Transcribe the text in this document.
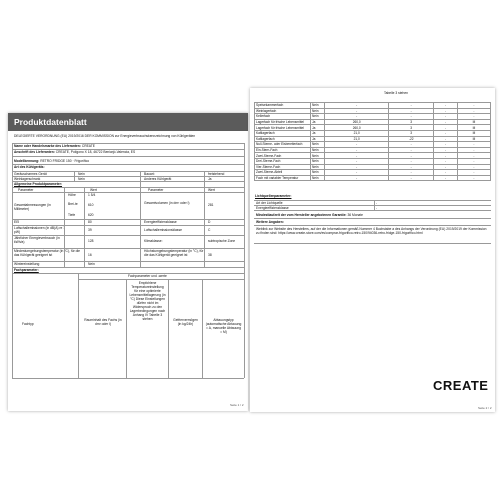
Produktdatenblatt
DELEGIERTE VERORDNUNG (EU) 2019/2016 DER KOMMISSION zur Energieverbrauchskennzeichnung von Kühlgeräten
Name oder Handelsmarke des Lieferanten: CREATE
Anschrift des Lieferanten: CREATE, Polígono X 18, 46722 Beniarjó-Valencia, ES
Modellkennung: RETRO FRIDGE 150 · Frigorífico
Art des Kühlgeräts:
Geräuscharmes Gerät	Nein	Bauart:	freistehend
Weinlagerschrank	Nein	Anderes Kühlgerät	Ja
Allgemeine Produktparameter:
Parameter	Wert	Parameter	Wert
Gesamtabmessungen (in Millimeter)
Höhe	1 5/4
Brei-te	610
Tiefe	620
Gesamtvolumen (in dm³ oder l)	281
EEI	80	Energieeffizienzklasse	D
Luftschallemissionen (in dB(A) re 1 pW)	39	Luftschallemissionsklasse	C
Jährlicher Energieverbrauch (in kWh/a)	128	Klimaklasse:	subtropische Zone
Mindestumgebungstemperatur (in °C), für die das Kühlgerät geeignet ist	16
Höchstumgebungstemperatur (in °C), für die das Kühlgerät geeignet ist	38
Wintereinstellung	Nein
Fachparameter:
Fachparameter und -werte
Fachtyp
Rauminhalt des Fachs (in dm³ oder l)
Empfohlene Temperatureinstellung für eine optimierte Lebensmittellagerung (in °C) Diese Einstellungen dürfen nicht im Widerspruch zu den Lagerbedingungen nach Anhang IV Tabelle 3 stehen	Gefriervermögen (in kg/24h)
Abtauungstyp (automatische Abtauung = A, manuelle Abtauung = M)
Seite 1 / 2
Tabelle 3 stehen
Speisekammerfach	Nein	-	-	-	-
Weinlagerfach	Nein	-	-	-	-
Kellerfach	Nein	-	-	-	-
Lagerfach für frische Lebensmittel	Ja	260,0	3	-	M
Lagerfach für frische Lebensmittel	Ja	260,0	3	-	M
Kaltlagerfach	Ja	21,0	3	-	M
Kaltlagerfach	Ja	21,0	-22	-	M
Null-Sterne- oder Eisbereiterfach	Nein	-	-	-	-
Ein-Stern-Fach	Nein	-	-	-	-
Zwei-Sterne-Fach	Nein	-	-	-	-
Drei-Sterne-Fach	Nein	-	-	-	-
Vier-Sterne-Fach	Nein	-	-	-	-
Zwei-Sterne-Abteil	Nein	-	-	-	-
Fach mit variabler Temperatur	Nein	-	-	-	-
Lichtquellenparameter:
Art der Lichtquelle	-
Energieeffizienzklasse	-
Mindestlaufzeit der vom Hersteller angebotenen Garantie: 36 Monate
Weitere Angaben:
Weblink zur Website des Herstellers, auf der die Informationen gemäß Nummer 4 Buchstabe a des Anhangs der Verordnung (EU) 2019/2019 der Kommission zu finden sind: https://www.create-store.com/es/comprar-frigorifico-retro-150/94036-retro-fridge-150-frigorifico.html
CREATE
Seite 2 / 2
